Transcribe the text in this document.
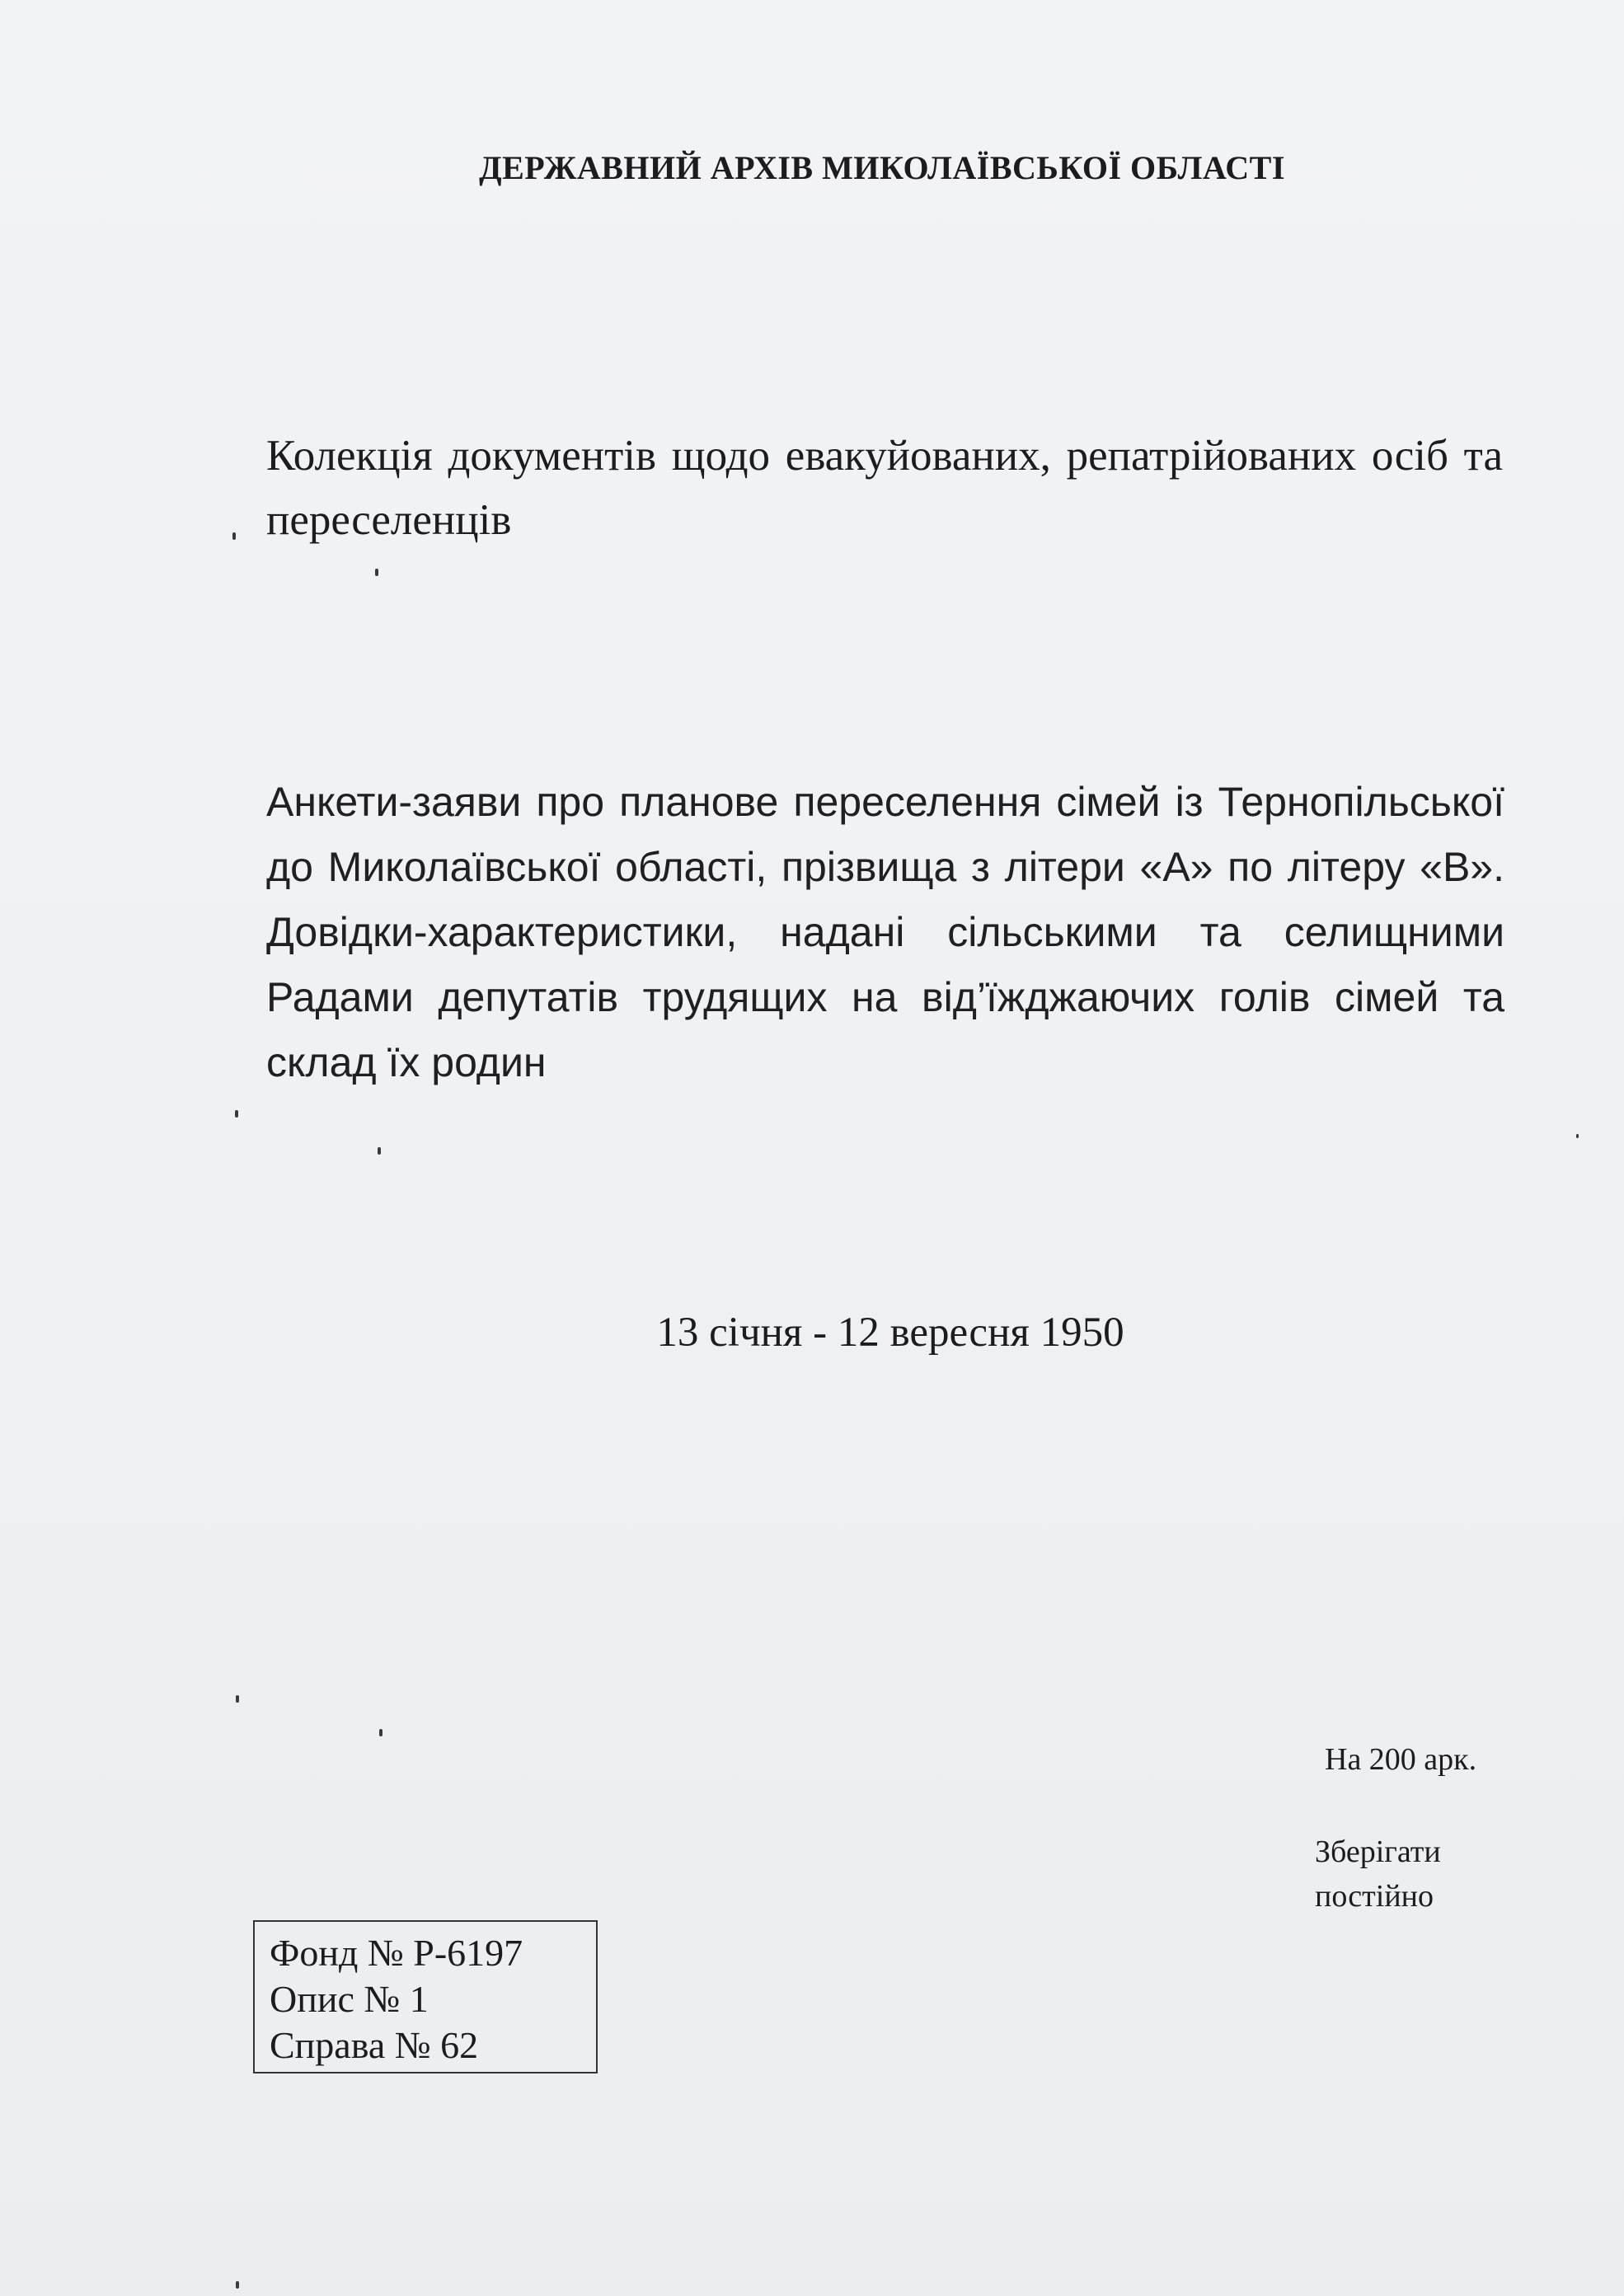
ДЕРЖАВНИЙ АРХІВ МИКОЛАЇВСЬКОЇ ОБЛАСТІ
Колекція документів щодо евакуйованих, репатрійованих осіб та переселенців
Анкети-заяви про планове переселення сімей із Тернопільської до Миколаївської області, прізвища з літери «А» по літеру «В». Довідки-характеристики, надані сільськими та селищними Радами депутатів трудящих на від’їжджаючих голів сімей та склад їх родин
13 січня - 12 вересня 1950
На 200 арк.
Зберігати
постійно
Фонд № Р-6197
Опис № 1
Справа № 62
